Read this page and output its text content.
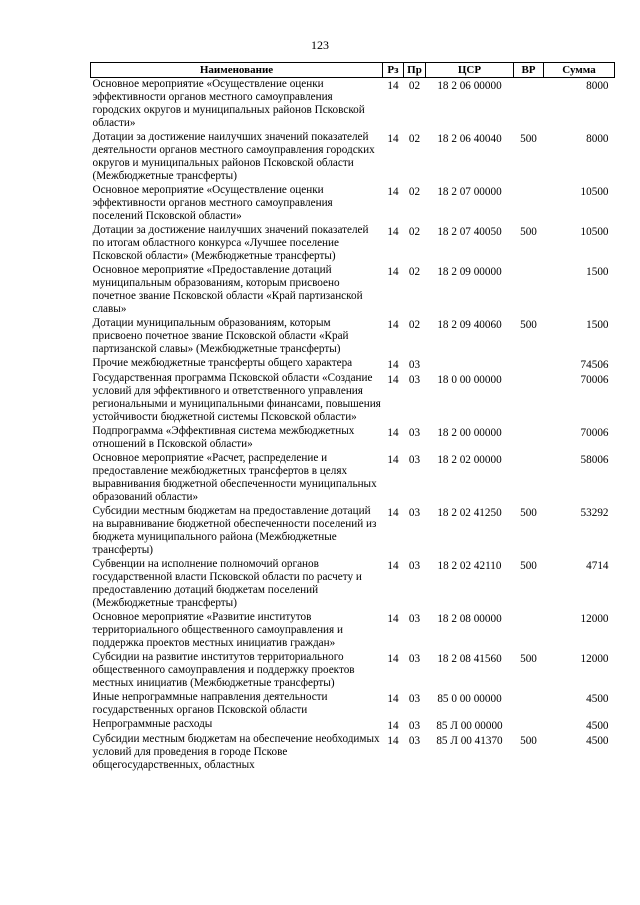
123
Наименование	Рз	Пр	ЦСР	ВР	Сумма
Основное мероприятие «Осуществление оценки эффективности органов местного самоуправления городских округов и муниципальных районов Псковской области»	14	02	18 2 06 00000		8000
Дотации за достижение наилучших значений показателей деятельности органов местного самоуправления городских округов и муниципальных районов Псковской области (Межбюджетные трансферты)	14	02	18 2 06 40040	500	8000
Основное мероприятие «Осуществление оценки эффективности органов местного самоуправления поселений Псковской области»	14	02	18 2 07 00000		10500
Дотации за достижение наилучших значений показателей по итогам областного конкурса «Лучшее поселение Псковской области» (Межбюджетные трансферты)	14	02	18 2 07 40050	500	10500
Основное мероприятие «Предоставление дотаций муниципальным образованиям, которым присвоено почетное звание Псковской области «Край партизанской славы»	14	02	18 2 09 00000		1500
Дотации муниципальным образованиям, которым присвоено почетное звание Псковской области «Край партизанской славы» (Межбюджетные трансферты)	14	02	18 2 09 40060	500	1500
Прочие межбюджетные трансферты общего характера	14	03			74506
Государственная программа Псковской области «Создание условий для эффективного и ответственного управления региональными и муниципальными финансами, повышения устойчивости бюджетной системы Псковской области»	14	03	18 0 00 00000		70006
Подпрограмма «Эффективная система межбюджетных отношений в Псковской области»	14	03	18 2 00 00000		70006
Основное мероприятие «Расчет, распределение и предоставление межбюджетных трансфертов в целях выравнивания бюджетной обеспеченности муниципальных образований области»	14	03	18 2 02 00000		58006
Субсидии местным бюджетам на предоставление дотаций на выравнивание бюджетной обеспеченности поселений из бюджета муниципального района (Межбюджетные трансферты)	14	03	18 2 02 41250	500	53292
Субвенции на исполнение полномочий органов государственной власти Псковской области по расчету и предоставлению дотаций бюджетам поселений (Межбюджетные трансферты)	14	03	18 2 02 42110	500	4714
Основное мероприятие «Развитие институтов территориального общественного самоуправления и поддержка проектов местных инициатив граждан»	14	03	18 2 08 00000		12000
Субсидии на развитие институтов территориального общественного самоуправления и поддержку проектов местных инициатив (Межбюджетные трансферты)	14	03	18 2 08 41560	500	12000
Иные непрограммные направления деятельности государственных органов Псковской области	14	03	85 0 00 00000		4500
Непрограммные расходы	14	03	85 Л 00 00000		4500
Субсидии местным бюджетам на обеспечение необходимых условий для проведения в городе Пскове общегосударственных, областных	14	03	85 Л 00 41370	500	4500
